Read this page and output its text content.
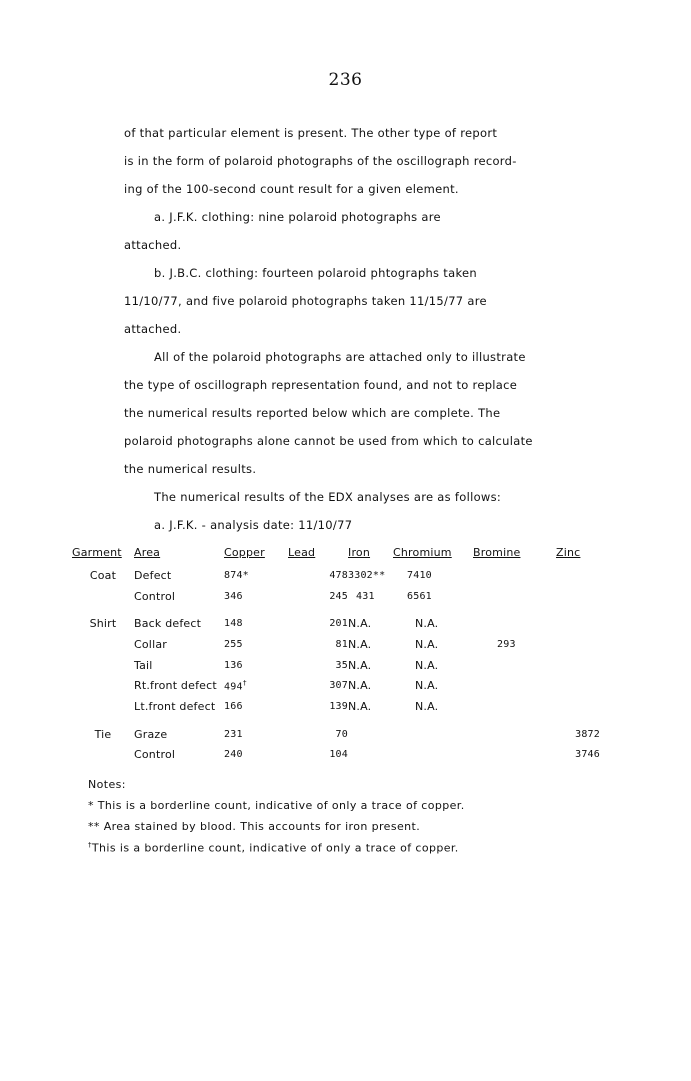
236
of that particular element is present. The other type of report
is in the form of polaroid photographs of the oscillograph record-
ing of the 100-second count result for a given element.
a. J.F.K. clothing: nine polaroid photographs are
attached.
b. J.B.C. clothing: fourteen polaroid phtographs taken
11/10/77, and five polaroid photographs taken 11/15/77 are
attached.
All of the polaroid photographs are attached only to illustrate
the type of oscillograph representation found, and not to replace
the numerical results reported below which are complete. The
polaroid photographs alone cannot be used from which to calculate
the numerical results.
The numerical results of the EDX analyses are as follows:
a. J.F.K. - analysis date: 11/10/77
Garment	Area	Copper	Lead	Iron	Chromium	Bromine	Zinc
Coat	Defect	874*	478	3302**	7410		
	Control	346	245	431	6561		

Shirt	Back defect	148	201	N.A.	N.A.		
	Collar	255	81	N.A.	N.A.	293	
	Tail	136	35	N.A.	N.A.		
	Rt.front defect	494†	307	N.A.	N.A.		
	Lt.front defect	166	139	N.A.	N.A.		

Tie	Graze	231	70				3872
	Control	240	104				3746
Notes:
* This is a borderline count, indicative of only a trace of copper.
** Area stained by blood. This accounts for iron present.
†This is a borderline count, indicative of only a trace of copper.
